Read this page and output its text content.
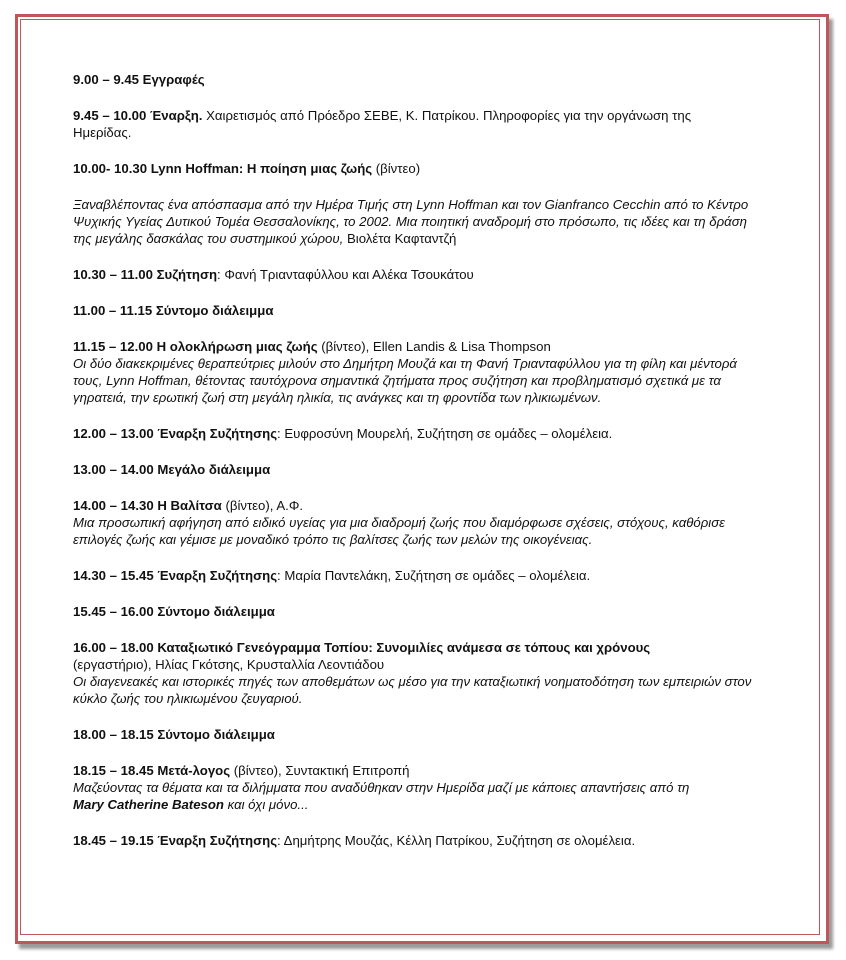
9.00 – 9.45 Εγγραφές

9.45 – 10.00 Έναρξη. Χαιρετισμός από Πρόεδρο ΣΕΒΕ, Κ. Πατρίκου. Πληροφορίες για την οργάνωση της Ημερίδας.

10.00- 10.30 Lynn Hoffman: Η ποίηση μιας ζωής (βίντεο)

Ξαναβλέποντας ένα απόσπασμα από την Ημέρα Τιμής στη Lynn Hoffman και τον Gianfranco Cecchin από το Κέντρο Ψυχικής Υγείας Δυτικού Τομέα Θεσσαλονίκης, το 2002. Μια ποιητική αναδρομή στο πρόσωπο, τις ιδέες και τη δράση της μεγάλης δασκάλας του συστημικού χώρου, Βιολέτα Καφταντζή

10.30 – 11.00 Συζήτηση: Φανή Τριανταφύλλου και Αλέκα Τσουκάτου

11.00 – 11.15 Σύντομο διάλειμμα

11.15 – 12.00 Η ολοκλήρωση μιας ζωής (βίντεο), Ellen Landis & Lisa Thompson

Οι δύο διακεκριμένες θεραπεύτριες μιλούν στο Δημήτρη Μουζά και τη Φανή Τριανταφύλλου για τη φίλη και μέντορά τους, Lynn Hoffman, θέτοντας ταυτόχρονα σημαντικά ζητήματα προς συζήτηση και προβληματισμό σχετικά με τα γηρατειά, την ερωτική ζωή στη μεγάλη ηλικία, τις ανάγκες και τη φροντίδα των ηλικιωμένων.

12.00 – 13.00 Έναρξη Συζήτησης: Ευφροσύνη Μουρελή, Συζήτηση σε ομάδες – ολομέλεια.

13.00 – 14.00 Μεγάλο διάλειμμα

14.00 – 14.30 Η Βαλίτσα (βίντεο), Α.Φ.

Μια προσωπική αφήγηση από ειδικό υγείας για μια διαδρομή ζωής που διαμόρφωσε σχέσεις, στόχους, καθόρισε επιλογές ζωής και γέμισε με μοναδικό τρόπο τις βαλίτσες ζωής των μελών της οικογένειας.

14.30 – 15.45 Έναρξη Συζήτησης: Μαρία Παντελάκη, Συζήτηση σε ομάδες – ολομέλεια.

15.45 – 16.00 Σύντομο διάλειμμα

16.00 – 18.00 Καταξιωτικό Γενεόγραμμα Τοπίου: Συνομιλίες ανάμεσα σε τόπους και χρόνους

(εργαστήριο), Ηλίας Γκότσης, Κρυσταλλία Λεοντιάδου

Οι διαγενεακές και ιστορικές πηγές των αποθεμάτων ως μέσο για την καταξιωτική νοηματοδότηση των εμπειριών στον κύκλο ζωής του ηλικιωμένου ζευγαριού.

18.00 – 18.15 Σύντομο διάλειμμα

18.15 – 18.45 Μετά-λογος (βίντεο), Συντακτική Επιτροπή

Μαζεύοντας τα θέματα και τα διλήμματα που αναδύθηκαν στην Ημερίδα μαζί με κάποιες απαντήσεις από τη
Mary Catherine Bateson και όχι μόνο...

18.45 – 19.15 Έναρξη Συζήτησης: Δημήτρης Μουζάς, Κέλλη Πατρίκου, Συζήτηση σε ολομέλεια.
